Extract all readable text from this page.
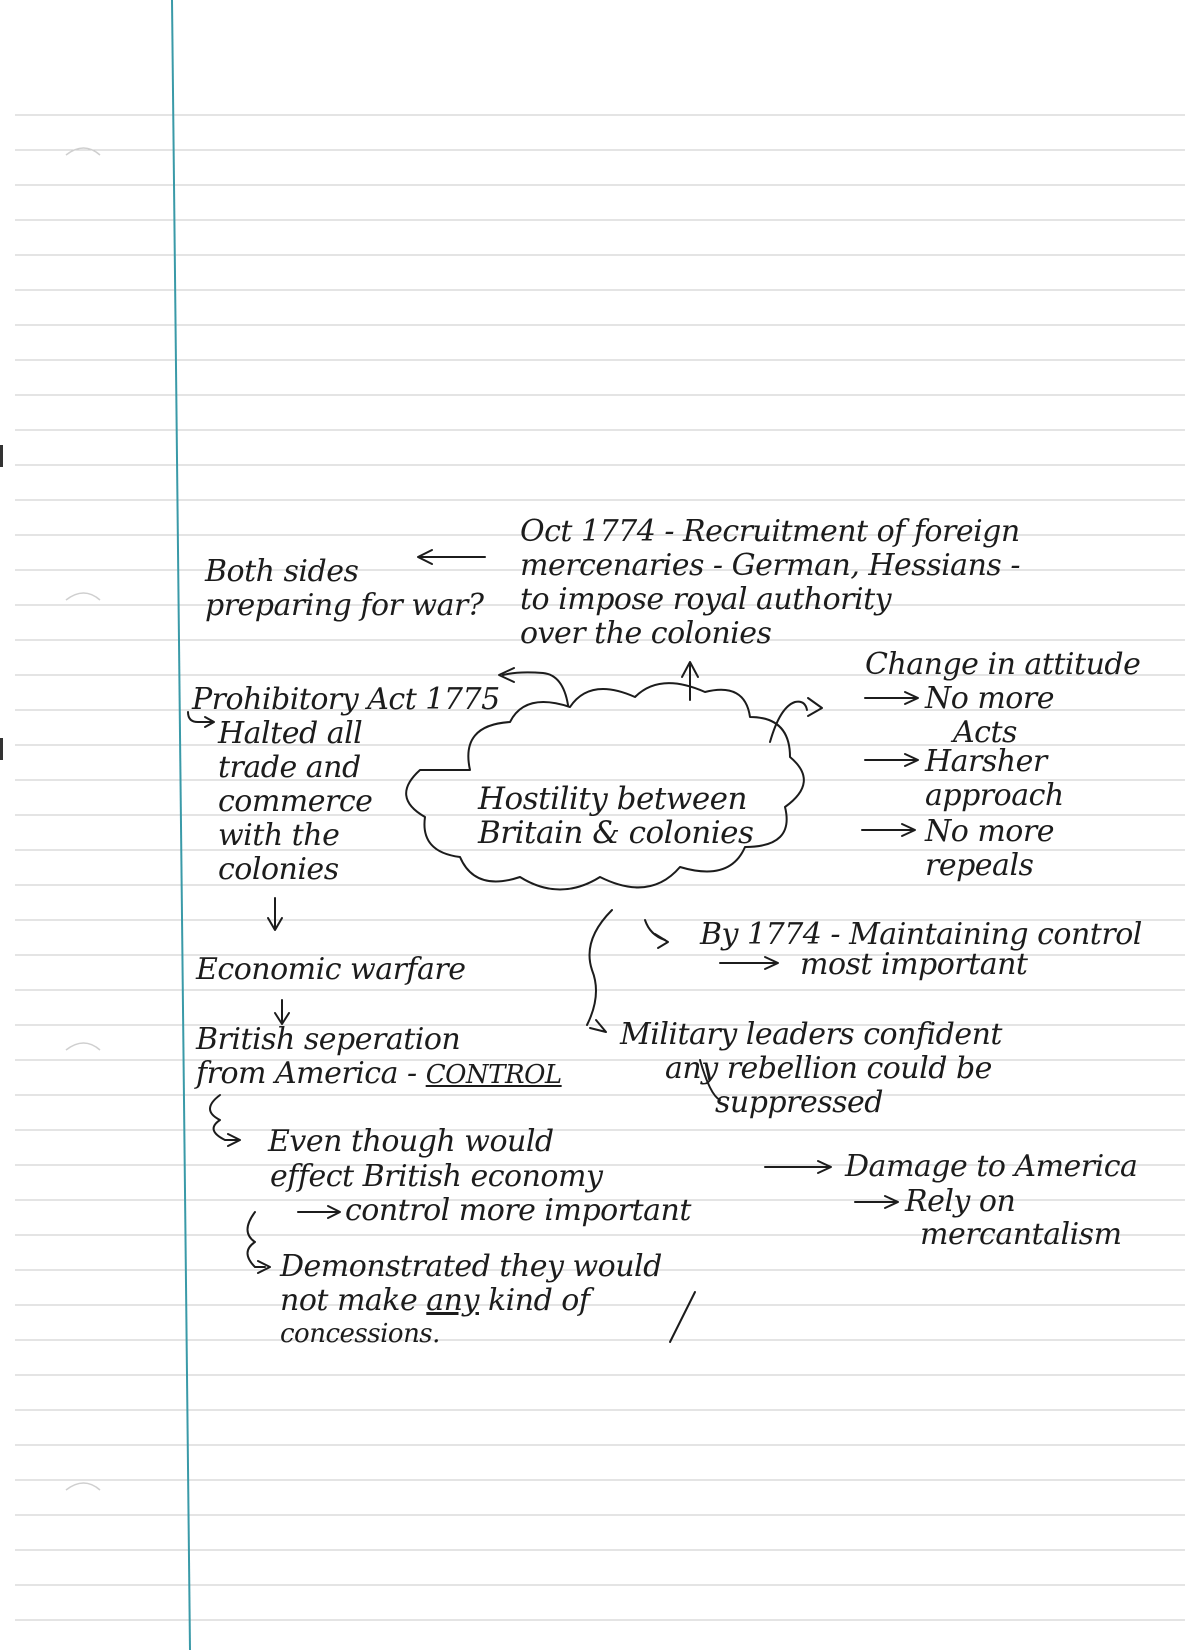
Hostility between
Britain & colonies
Oct 1774 - Recruitment of foreign
mercenaries - German, Hessians -
to impose royal authority
over the colonies
Both sides
preparing for war?
Prohibitory Act 1775
Halted all
trade and
commerce
with the
colonies
Economic warfare
British seperation
from America - CONTROL
Even though would
effect British economy
control more important
Demonstrated they would
not make any kind of
concessions.
Change in attitude
No more
Acts
Harsher
approach
No more
repeals
By 1774 - Maintaining control
most important
Military leaders confident
any rebellion could be
suppressed
Damage to America
Rely on
mercantalism
